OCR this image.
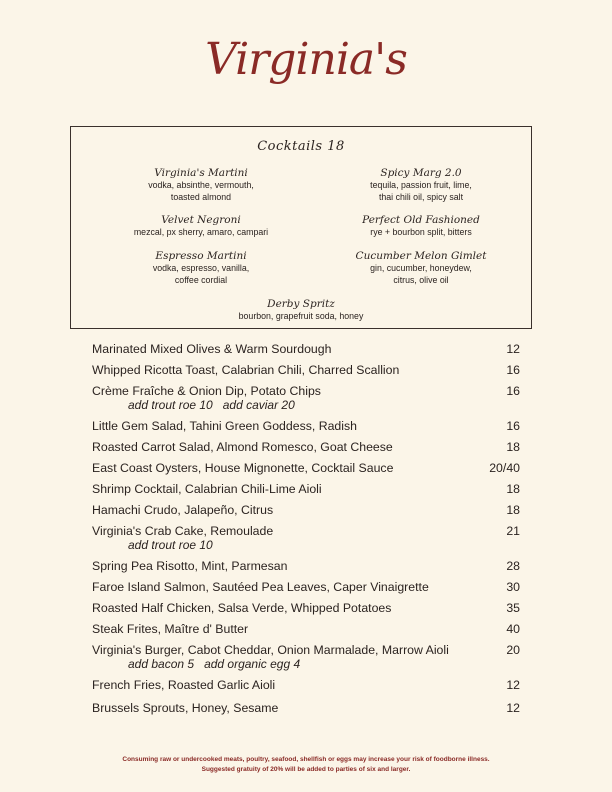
Virginia's
Cocktails 18
Virginia's Martini
vodka, absinthe, vermouth,
toasted almond
Spicy Marg 2.0
tequila, passion fruit, lime,
thai chili oil, spicy salt
Velvet Negroni
mezcal, px sherry, amaro, campari
Perfect Old Fashioned
rye + bourbon split, bitters
Espresso Martini
vodka, espresso, vanilla,
coffee cordial
Cucumber Melon Gimlet
gin, cucumber, honeydew,
citrus, olive oil
Derby Spritz
bourbon, grapefruit soda, honey
Marinated Mixed Olives & Warm Sourdough	12
Whipped Ricotta Toast, Calabrian Chili, Charred Scallion	16
Crème Fraîche & Onion Dip, Potato Chips	16
add trout roe 10 add caviar 20
Little Gem Salad, Tahini Green Goddess, Radish	16
Roasted Carrot Salad, Almond Romesco, Goat Cheese	18
East Coast Oysters, House Mignonette, Cocktail Sauce	20/40
Shrimp Cocktail, Calabrian Chili-Lime Aioli	18
Hamachi Crudo, Jalapeño, Citrus	18
Virginia's Crab Cake, Remoulade	21
add trout roe 10
Spring Pea Risotto, Mint, Parmesan	28
Faroe Island Salmon, Sautéed Pea Leaves, Caper Vinaigrette	30
Roasted Half Chicken, Salsa Verde, Whipped Potatoes	35
Steak Frites, Maître d' Butter	40
Virginia's Burger, Cabot Cheddar, Onion Marmalade, Marrow Aioli	20
add bacon 5 add organic egg 4
French Fries, Roasted Garlic Aioli	12
Brussels Sprouts, Honey, Sesame	12
Consuming raw or undercooked meats, poultry, seafood, shellfish or eggs may increase your risk of foodborne illness.
Suggested gratuity of 20% will be added to parties of six and larger.
